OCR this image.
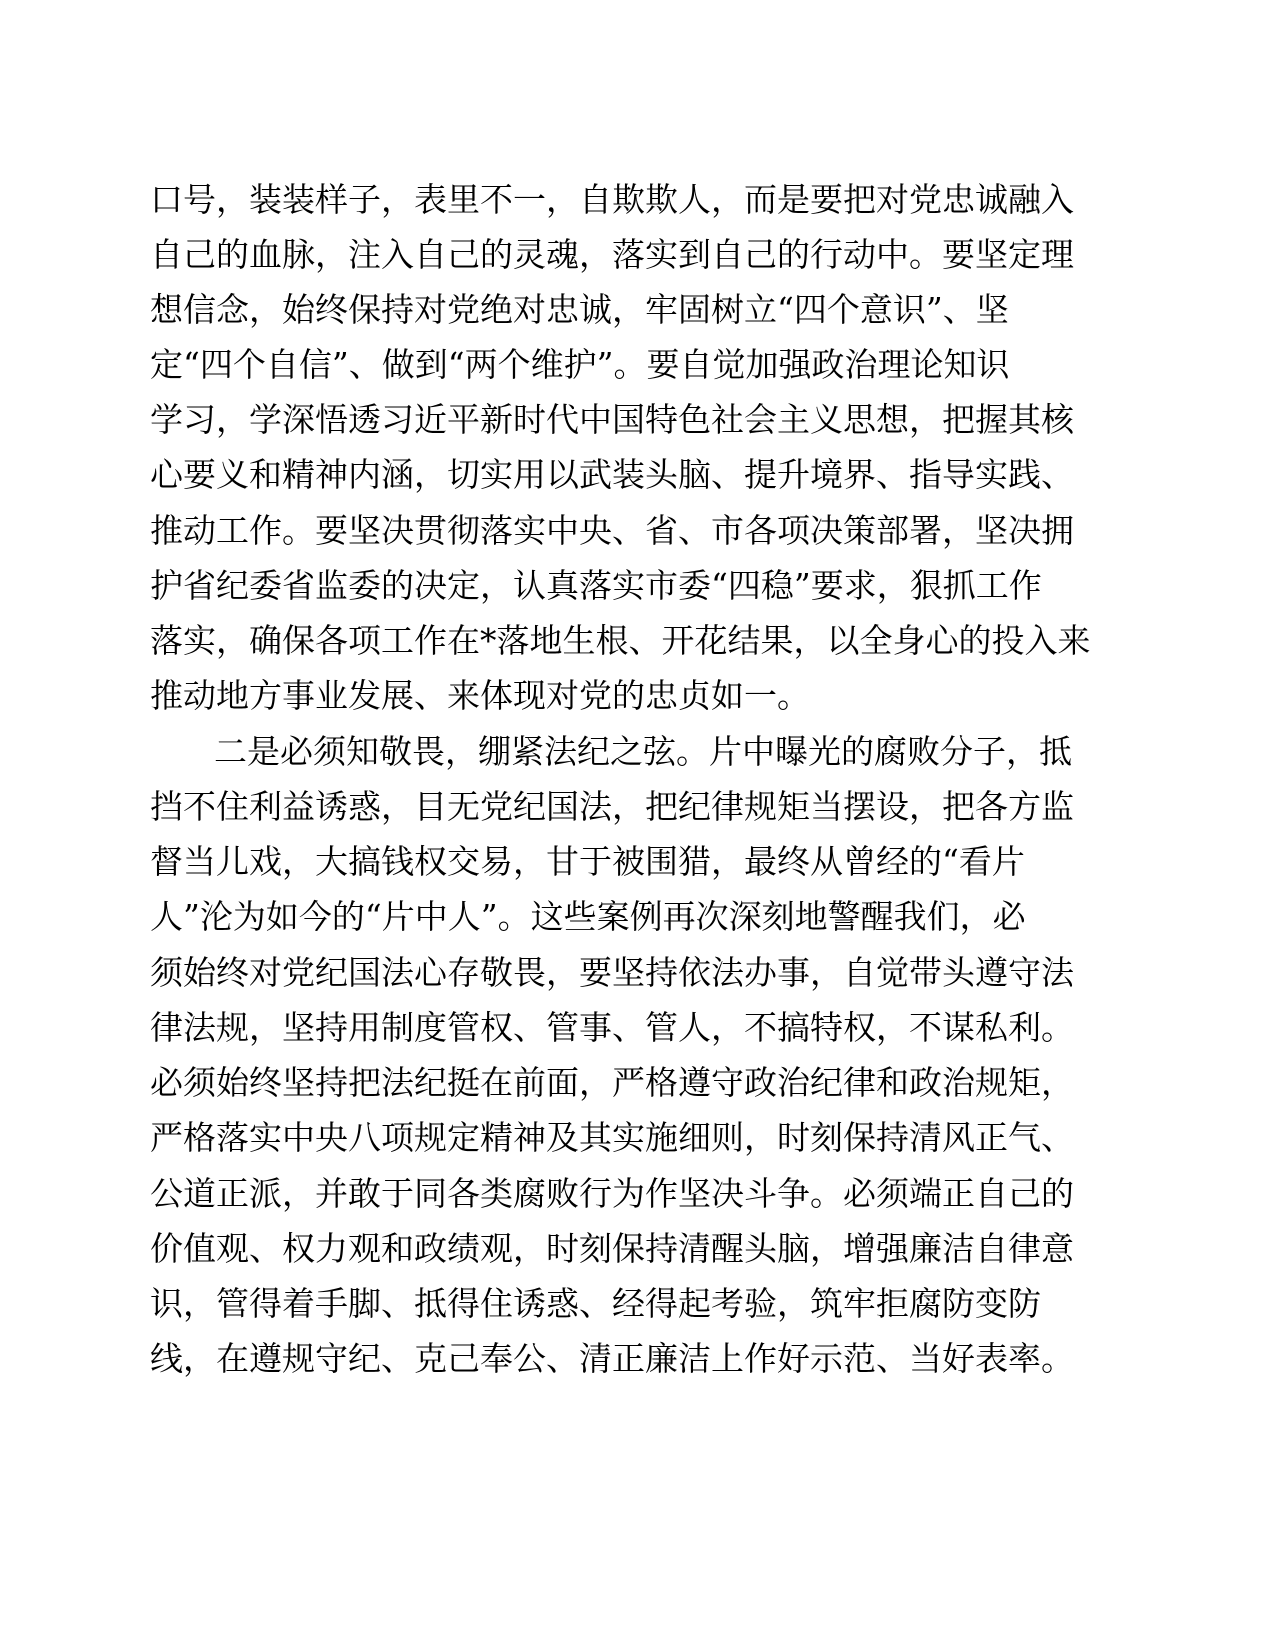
口号，装装样子，表里不一，自欺欺人，而是要把对党忠诚融入
自己的血脉，注入自己的灵魂，落实到自己的行动中。要坚定理
想信念，始终保持对党绝对忠诚，牢固树立“四个意识”、坚
定“四个自信”、做到“两个维护”。要自觉加强政治理论知识
学习，学深悟透习近平新时代中国特色社会主义思想，把握其核
心要义和精神内涵，切实用以武装头脑、提升境界、指导实践、
推动工作。要坚决贯彻落实中央、省、市各项决策部署，坚决拥
护省纪委省监委的决定，认真落实市委“四稳”要求，狠抓工作
落实，确保各项工作在*落地生根、开花结果，以全身心的投入来
推动地方事业发展、来体现对党的忠贞如一。
二是必须知敬畏，绷紧法纪之弦。片中曝光的腐败分子，抵
挡不住利益诱惑，目无党纪国法，把纪律规矩当摆设，把各方监
督当儿戏，大搞钱权交易，甘于被围猎，最终从曾经的“看片
人”沦为如今的“片中人”。这些案例再次深刻地警醒我们，必
须始终对党纪国法心存敬畏，要坚持依法办事，自觉带头遵守法
律法规，坚持用制度管权、管事、管人，不搞特权，不谋私利。
必须始终坚持把法纪挺在前面，严格遵守政治纪律和政治规矩，
严格落实中央八项规定精神及其实施细则，时刻保持清风正气、
公道正派，并敢于同各类腐败行为作坚决斗争。必须端正自己的
价值观、权力观和政绩观，时刻保持清醒头脑，增强廉洁自律意
识，管得着手脚、抵得住诱惑、经得起考验，筑牢拒腐防变防
线，在遵规守纪、克己奉公、清正廉洁上作好示范、当好表率。
